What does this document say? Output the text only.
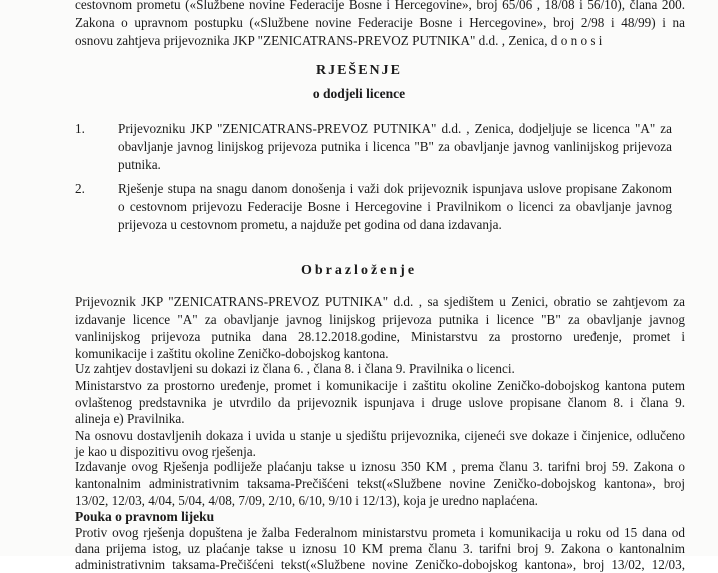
cestovnom prometu («Službene novine Federacije Bosne i Hercegovine», broj 65/06 , 18/08 i 56/10), člana 200.
Zakona o upravnom postupku («Službene novine Federacije Bosne i Hercegovine», broj 2/98 i 48/99) i na
osnovu zahtjeva prijevoznika JKP "ZENICATRANS-PREVOZ PUTNIKA" d.d. , Zenica, d o n o s i
RJEŠENJE
o dodjeli licence
1.	Prijevozniku JKP "ZENICATRANS-PREVOZ PUTNIKA" d.d. , Zenica, dodjeljuje se licenca "A" za
obavljanje javnog linijskog prijevoza putnika i licenca "B" za obavljanje javnog vanlinijskog prijevoza
putnika.
2.	Rješenje stupa na snagu danom donošenja i važi dok prijevoznik ispunjava uslove propisane Zakonom
o cestovnom prijevozu Federacije Bosne i Hercegovine i Pravilnikom o licenci za obavljanje javnog
prijevoza u cestovnom prometu, a najduže pet godina od dana izdavanja.
Obrazloženje
Prijevoznik JKP "ZENICATRANS-PREVOZ PUTNIKA" d.d. , sa sjedištem u Zenici, obratio se zahtjevom za
izdavanje licence "A" za obavljanje javnog linijskog prijevoza putnika i licence "B" za obavljanje javnog
vanlinijskog prijevoza putnika dana 28.12.2018.godine, Ministarstvu za prostorno uređenje, promet i
komunikacije i zaštitu okoline Zeničko-dobojskog kantona.
Uz zahtjev dostavljeni su dokazi iz člana 6. , člana 8. i člana 9. Pravilnika o licenci.
Ministarstvo za prostorno uređenje, promet i komunikacije i zaštitu okoline Zeničko-dobojskog kantona putem
ovlaštenog predstavnika je utvrdilo da prijevoznik ispunjava i druge uslove propisane članom 8. i člana 9.
alineja e) Pravilnika.
Na osnovu dostavljenih dokaza i uvida u stanje u sjedištu prijevoznika, cijeneći sve dokaze i činjenice, odlučeno
je kao u dispozitivu ovog rješenja.
Izdavanje ovog Rješenja podliježe plaćanju takse u iznosu 350 KM , prema članu 3. tarifni broj 59. Zakona o
kantonalnim administrativnim taksama-Prečišćeni tekst(«Službene novine Zeničko-dobojskog kantona», broj
13/02, 12/03, 4/04, 5/04, 4/08, 7/09, 2/10, 6/10, 9/10 i 12/13), koja je uredno naplaćena.
Pouka o pravnom lijeku
Protiv ovog rješenja dopuštena je žalba Federalnom ministarstvu prometa i komunikacija u roku od 15 dana od
dana prijema istog, uz plaćanje takse u iznosu 10 KM prema članu 3. tarifni broj 9. Zakona o kantonalnim
administrativnim taksama-Prečišćeni tekst(«Službene novine Zeničko-dobojskog kantona», broj 13/02, 12/03,
